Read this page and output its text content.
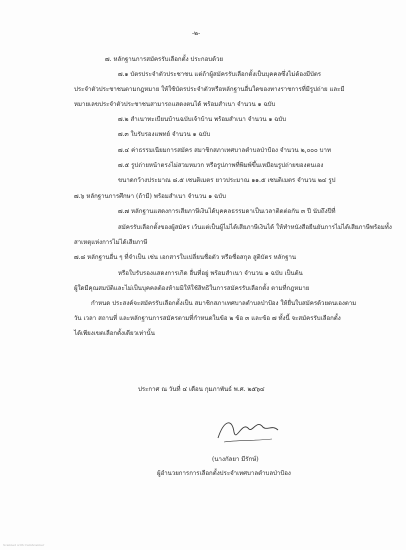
-๒-

๗. หลักฐานการสมัครรับเลือกตั้ง ประกอบด้วย

๗.๑ บัตรประจำตัวประชาชน แต่ถ้าผู้สมัครรับเลือกตั้งเป็นบุคคลซึ่งไม่ต้องมีบัตร

ประจำตัวประชาชนตามกฎหมาย ให้ใช้บัตรประจำตัวหรือหลักฐานอื่นใดของทางราชการที่มีรูปถ่าย และมี

หมายเลขประจำตัวประชาชนสามารถแสดงตนได้ พร้อมสำเนา จำนวน ๑ ฉบับ

๗.๒ สำเนาทะเบียนบ้านฉบับเจ้าบ้าน พร้อมสำเนา จำนวน ๑ ฉบับ

๗.๓ ใบรับรองแพทย์ จำนวน ๑ ฉบับ

๗.๔ ค่าธรรมเนียมการสมัคร สมาชิกสภาเทศบาลตำบลป่าป้อง จำนวน ๒,๐๐๐ บาท

๗.๕ รูปถ่ายหน้าตรงไม่สวมหมวก หรือรูปภาพที่พิมพ์ขึ้นเหมือนรูปถ่ายของตนเอง

ขนาดกว้างประมาณ ๘.๕ เซนติเมตร ยาวประมาณ ๑๑.๕ เซนติเมตร จำนวน ๒๔ รูป

๗.๖ หลักฐานการศึกษา (ถ้ามี) พร้อมสำเนา จำนวน ๑ ฉบับ

๗.๗ หลักฐานแสดงการเสียภาษีเงินได้บุคคลธรรมดาเป็นเวลาติดต่อกัน ๓ ปี นับถึงปีที่

สมัครรับเลือกตั้งของผู้สมัคร เว้นแต่เป็นผู้ไม่ได้เสียภาษีเงินได้ ให้ทำหนังสือยืนยันการไม่ได้เสียภาษีพร้อมทั้ง

สาเหตุแห่งการไม่ได้เสียภาษี

๗.๘ หลักฐานอื่น ๆ ที่จำเป็น เช่น เอกสารใบเปลี่ยนชื่อตัว หรือชื่อสกุล สูติบัตร หลักฐาน

หรือใบรับรองแสดงการเกิด อื่นที่อยู่ พร้อมสำเนา จำนวน ๑ ฉบับ เป็นต้น

ผู้ใดมีคุณสมบัติและไม่เป็นบุคคลต้องห้ามมิให้ใช้สิทธิในการสมัครรับเลือกตั้ง ตามที่กฎหมาย

กำหนด ประสงค์จะสมัครรับเลือกตั้งเป็น สมาชิกสภาเทศบาลตำบลป่าป้อง ให้ยื่นใบสมัครด้วยตนเองตาม

วัน เวลา สถานที่ และหลักฐานการสมัครตามที่กำหนดในข้อ ๒ ข้อ ๓ และข้อ ๗ ทั้งนี้ จะสมัครรับเลือกตั้ง

ได้เพียงเขตเลือกตั้งเดียวเท่านั้น

ประกาศ ณ วันที่ ๔ เดือน กุมภาพันธ์ พ.ศ. ๒๕๖๔

(นางกัลยา มีรักษ์)

ผู้อำนวยการการเลือกตั้งประจำเทศบาลตำบลป่าป้อง

Scanned with CamScanner
